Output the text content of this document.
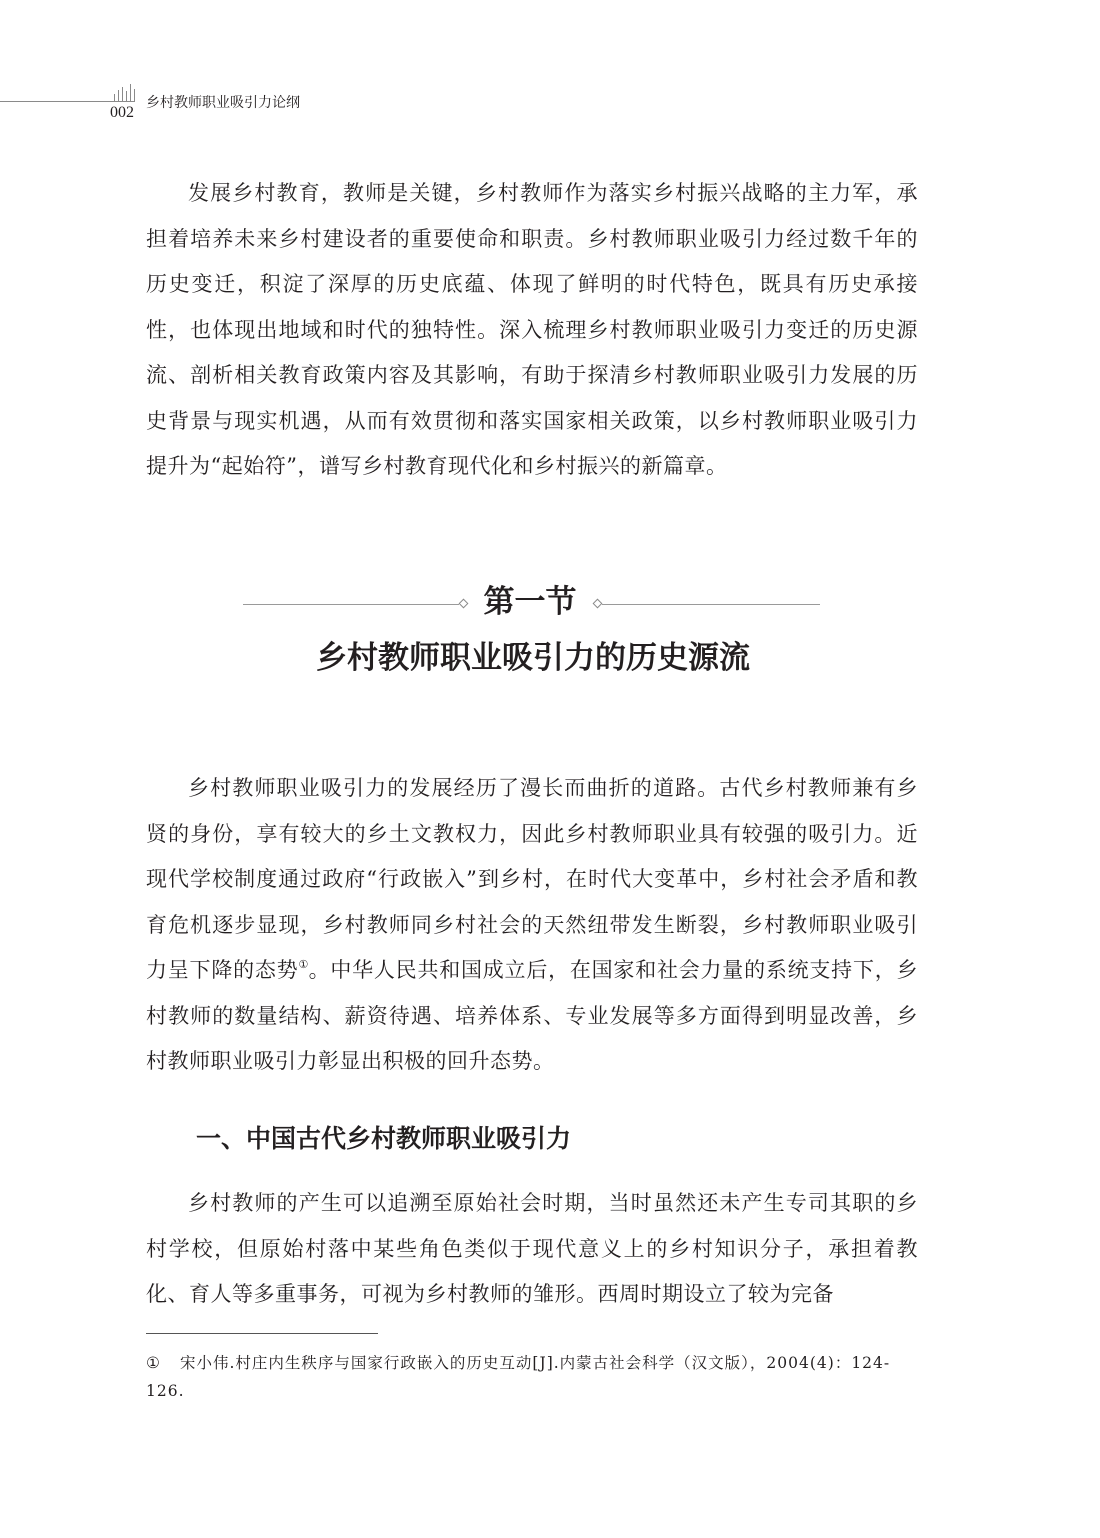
002
乡村教师职业吸引力论纲

发展乡村教育，教师是关键，乡村教师作为落实乡村振兴战略的主力军，承担着培养未来乡村建设者的重要使命和职责。乡村教师职业吸引力经过数千年的历史变迁，积淀了深厚的历史底蕴、体现了鲜明的时代特色，既具有历史承接性，也体现出地域和时代的独特性。深入梳理乡村教师职业吸引力变迁的历史源流、剖析相关教育政策内容及其影响，有助于探清乡村教师职业吸引力发展的历史背景与现实机遇，从而有效贯彻和落实国家相关政策，以乡村教师职业吸引力提升为“起始符”，谱写乡村教育现代化和乡村振兴的新篇章。

第一节
乡村教师职业吸引力的历史源流

乡村教师职业吸引力的发展经历了漫长而曲折的道路。古代乡村教师兼有乡贤的身份，享有较大的乡土文教权力，因此乡村教师职业具有较强的吸引力。近现代学校制度通过政府“行政嵌入”到乡村，在时代大变革中，乡村社会矛盾和教育危机逐步显现，乡村教师同乡村社会的天然纽带发生断裂，乡村教师职业吸引力呈下降的态势①。中华人民共和国成立后，在国家和社会力量的系统支持下，乡村教师的数量结构、薪资待遇、培养体系、专业发展等多方面得到明显改善，乡村教师职业吸引力彰显出积极的回升态势。

一、中国古代乡村教师职业吸引力

乡村教师的产生可以追溯至原始社会时期，当时虽然还未产生专司其职的乡村学校，但原始村落中某些角色类似于现代意义上的乡村知识分子，承担着教化、育人等多重事务，可视为乡村教师的雏形。西周时期设立了较为完备

① 宋小伟.村庄内生秩序与国家行政嵌入的历史互动[J].内蒙古社会科学（汉文版），2004(4)：124-126.
